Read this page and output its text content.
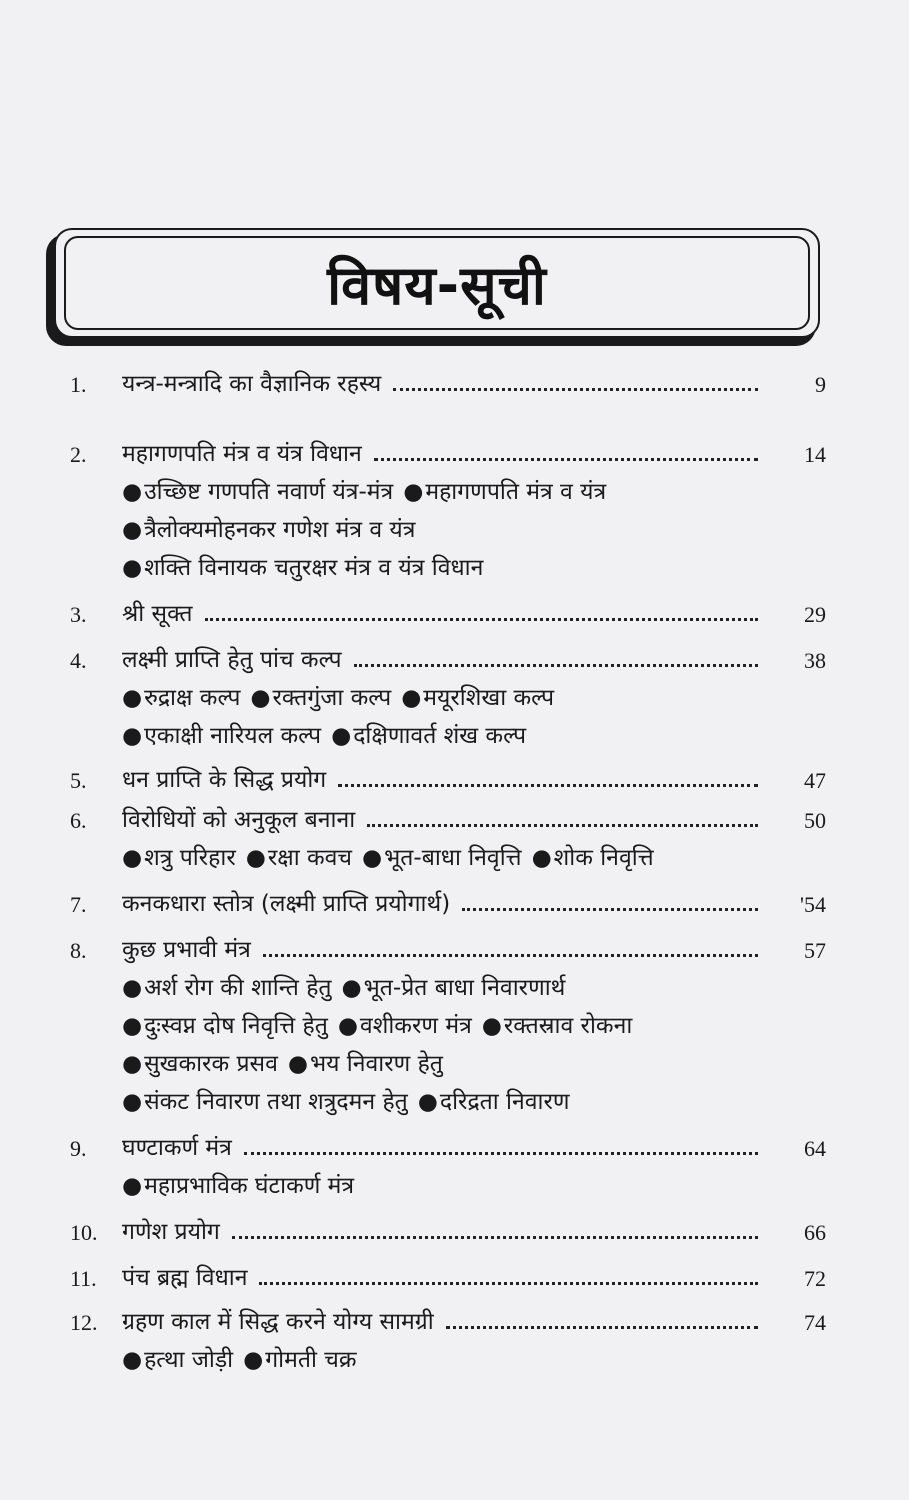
विषय-सूची
1.	यन्त्र-मन्त्रादि का वैज्ञानिक रहस्य	9
2.	महागणपति मंत्र व यंत्र विधान	14
●उच्छिष्ट गणपति नवार्ण यंत्र-मंत्र ●महागणपति मंत्र व यंत्र
●त्रैलोक्यमोहनकर गणेश मंत्र व यंत्र
●शक्ति विनायक चतुरक्षर मंत्र व यंत्र विधान
3.	श्री सूक्त	29
4.	लक्ष्मी प्राप्ति हेतु पांच कल्प	38
●रुद्राक्ष कल्प ●रक्तगुंजा कल्प ●मयूरशिखा कल्प
●एकाक्षी नारियल कल्प ●दक्षिणावर्त शंख कल्प
5.	धन प्राप्ति के सिद्ध प्रयोग	47
6.	विरोधियों को अनुकूल बनाना	50
●शत्रु परिहार ●रक्षा कवच ●भूत-बाधा निवृत्ति ●शोक निवृत्ति
7.	कनकधारा स्तोत्र (लक्ष्मी प्राप्ति प्रयोगार्थ)	'54
8.	कुछ प्रभावी मंत्र	57
●अर्श रोग की शान्ति हेतु ●भूत-प्रेत बाधा निवारणार्थ
●दुःस्वप्न दोष निवृत्ति हेतु ●वशीकरण मंत्र ●रक्तस्राव रोकना
●सुखकारक प्रसव ●भय निवारण हेतु
●संकट निवारण तथा शत्रुदमन हेतु ●दरिद्रता निवारण
9.	घण्टाकर्ण मंत्र	64
●महाप्रभाविक घंटाकर्ण मंत्र
10.	गणेश प्रयोग	66
11.	पंच ब्रह्म विधान	72
12.	ग्रहण काल में सिद्ध करने योग्य सामग्री	74
●हत्था जोड़ी ●गोमती चक्र
